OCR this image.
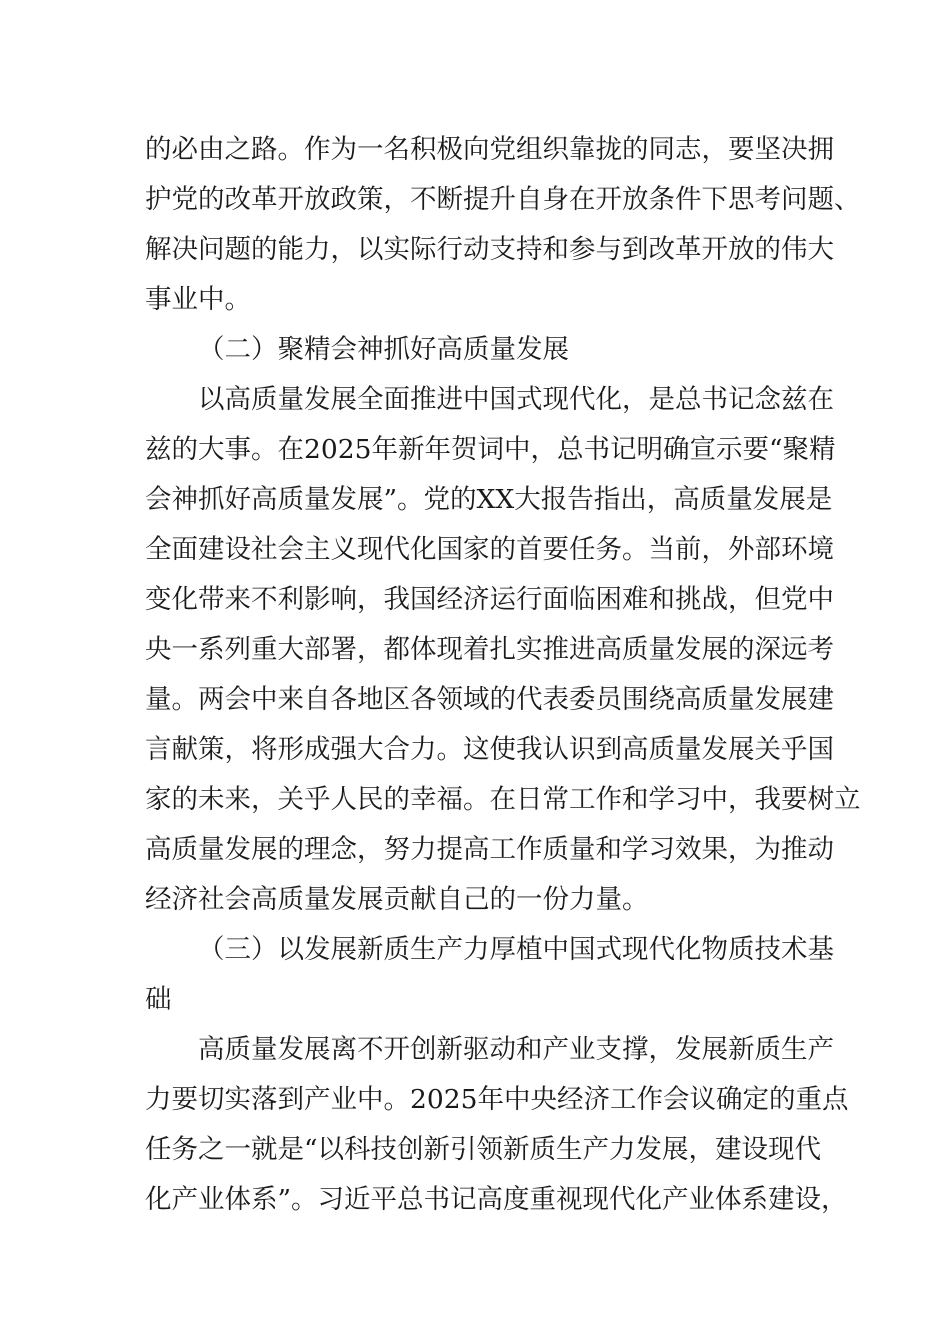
的必由之路。作为一名积极向党组织靠拢的同志，要坚决拥
护党的改革开放政策，不断提升自身在开放条件下思考问题、
解决问题的能力，以实际行动支持和参与到改革开放的伟大
事业中。
（二）聚精会神抓好高质量发展
以高质量发展全面推进中国式现代化，是总书记念兹在
兹的大事。在2025年新年贺词中，总书记明确宣示要“聚精
会神抓好高质量发展”。党的XX大报告指出，高质量发展是
全面建设社会主义现代化国家的首要任务。当前，外部环境
变化带来不利影响，我国经济运行面临困难和挑战，但党中
央一系列重大部署，都体现着扎实推进高质量发展的深远考
量。两会中来自各地区各领域的代表委员围绕高质量发展建
言献策，将形成强大合力。这使我认识到高质量发展关乎国
家的未来，关乎人民的幸福。在日常工作和学习中，我要树立
高质量发展的理念，努力提高工作质量和学习效果，为推动
经济社会高质量发展贡献自己的一份力量。
（三）以发展新质生产力厚植中国式现代化物质技术基
础
高质量发展离不开创新驱动和产业支撑，发展新质生产
力要切实落到产业中。2025年中央经济工作会议确定的重点
任务之一就是“以科技创新引领新质生产力发展，建设现代
化产业体系”。习近平总书记高度重视现代化产业体系建设，
